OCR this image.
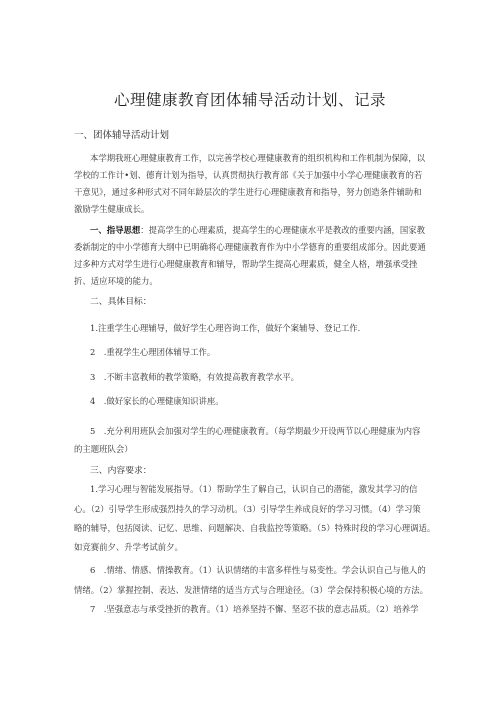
心理健康教育团体辅导活动计划、记录
一、团体辅导活动计划
本学期我班心理健康教育工作，以完善学校心理健康教育的组织机构和工作机制为保障，以
学校的工作计•划、德育计划为指导，认真贯彻执行教育部《关于加强中小学心理健康教育的若
干意见》，通过多种形式对不同年龄层次的学生进行心理健康教育和指导，努力创造条件辅助和
激励学生健康成长。
一、指导思想：提高学生的心理素质，提高学生的心理健康水平是教改的重要内涵，国家教
委新制定的中小学德育大纲中已明确将心理健康教育作为中小学德育的重要组成部分。因此要通
过多种方式对学生进行心理健康教育和辅导，帮助学生提高心理素质，健全人格，增强承受挫
折、适应环境的能力。
二、具体目标：
1.注重学生心理辅导，做好学生心理咨询工作，做好个案辅导、登记工作.
2　.重视学生心理团体辅导工作。
3　.不断丰富教师的教学策略，有效提高教育教学水平。
4　.做好家长的心理健康知识讲座。
5　.充分利用班队会加强对学生的心理健康教育。（每学期最少开设两节以心理健康为内容
的主题班队会）
三、内容要求：
1.学习心理与智能发展指导。（1）帮助学生了解自己，认识自己的潜能，激发其学习的信
心。（2）引导学生形成强烈持久的学习动机。（3）引导学生养成良好的学习习惯。（4）学习策
略的辅导，包括阅读、记忆、思维、问题解决、自我监控等策略。（5）特殊时段的学习心理调适。
如竞赛前夕、升学考试前夕。
6　.情绪、情感、情操教育。（1）认识情绪的丰富多样性与易变性。学会认识自己与他人的
情绪。（2）掌握控制、表达、发泄情绪的适当方式与合理途径。（3）学会保持积极心境的方法。
7　.坚强意志与承受挫折的教育。（1）培养坚持不懈、坚忍不拔的意志品质。（2）培养学
